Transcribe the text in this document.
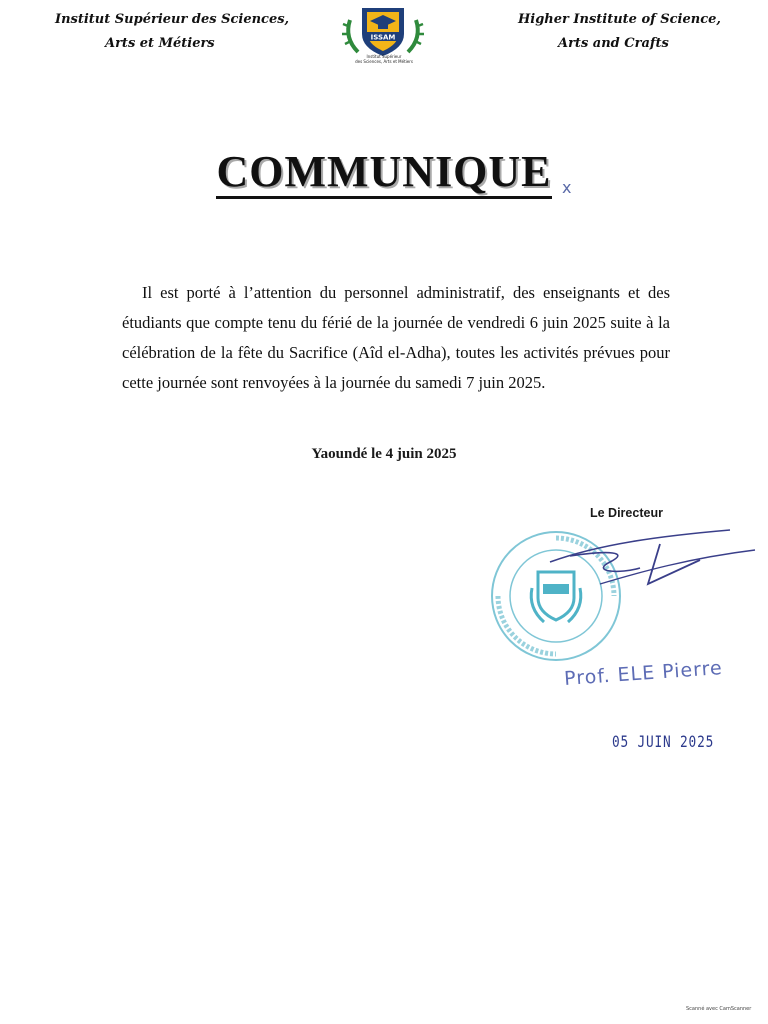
Institut Supérieur des Sciences,
Arts et Métiers	ISSAM
Institut Supérieur
des Sciences, Arts et Métiers
Higher Institute of Science,
Arts and Crafts
COMMUNIQUE x
Il est porté à l’attention du personnel administratif, des enseignants et des étudiants que compte tenu du férié de la journée de vendredi 6 juin 2025 suite à la célébration de la fête du Sacrifice (Aîd el-Adha), toutes les activités prévues pour cette journée sont renvoyées à la journée du samedi 7 juin 2025.
Yaoundé le 4 juin 2025
Le Directeur
Prof. ELE Pierre
05 JUIN 2025
Scanné avec CamScanner
